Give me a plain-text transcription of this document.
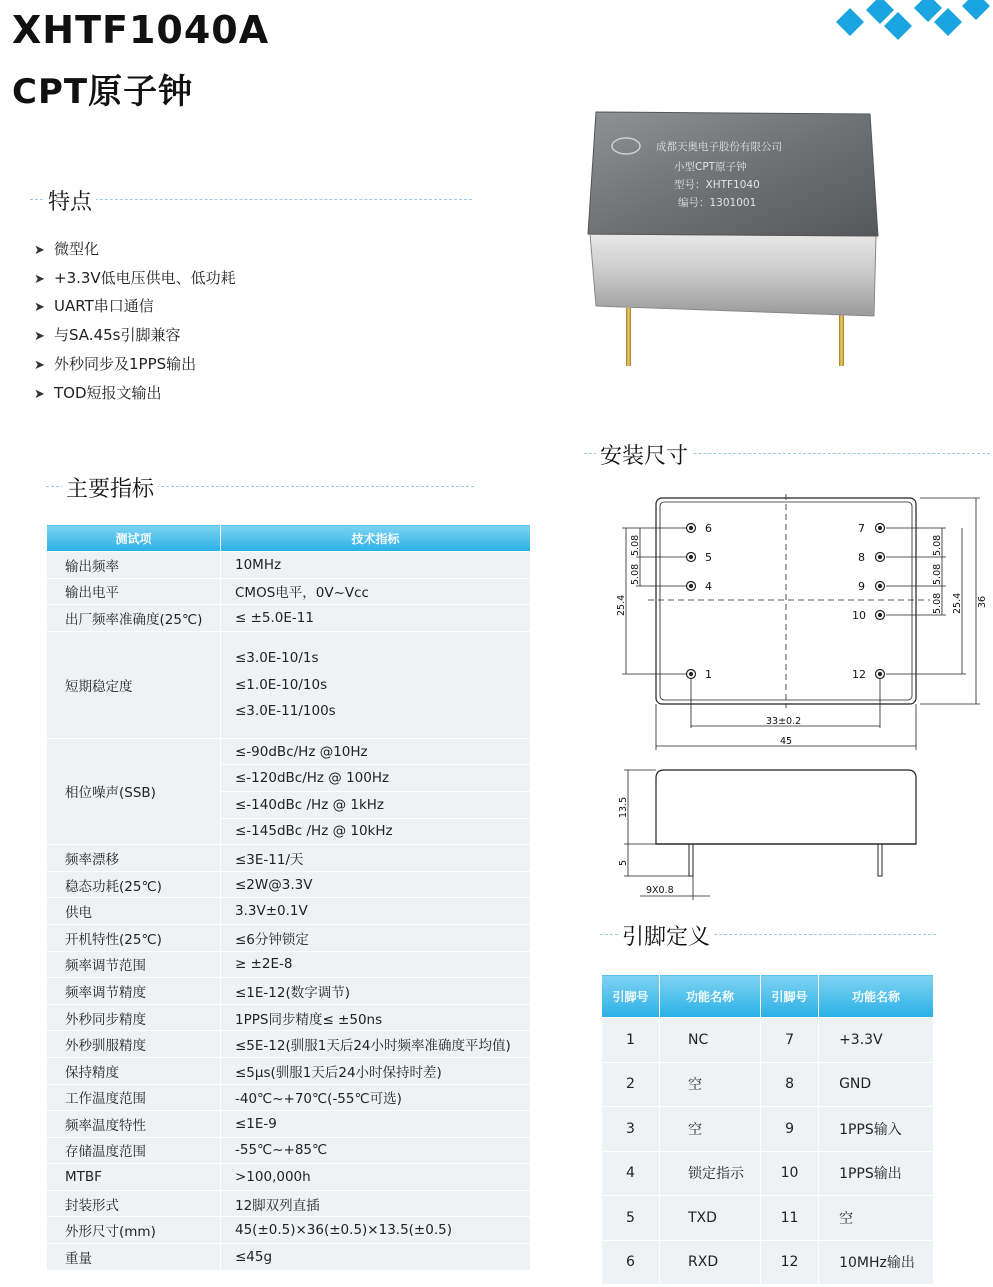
XHTF1040A
CPT原子钟
特点
➤ 微型化
➤ +3.3V低电压供电、低功耗
➤ UART串口通信
➤ 与SA.45s引脚兼容
➤ 外秒同步及1PPS输出
➤ TOD短报文输出
成都天奥电子股份有限公司
小型CPT原子钟
型号：XHTF1040
编号：1301001
主要指标
测试项	技术指标
输出频率	10MHz
输出电平	CMOS电平，0V~Vcc
出厂频率准确度(25℃)	≤ ±5.0E-11
短期稳定度	≤3.0E-10/1s
≤1.0E-10/10s
≤3.0E-11/100s

相位噪声(SSB)	≤-90dBc/Hz @10Hz
	≤-120dBc/Hz @ 100Hz
	≤-140dBc /Hz @ 1kHz
	≤-145dBc /Hz @ 10kHz
频率漂移	≤3E-11/天
稳态功耗(25℃)	≤2W@3.3V
供电	3.3V±0.1V
开机特性(25℃)	≤6分钟锁定
频率调节范围	≥ ±2E-8
频率调节精度	≤1E-12(数字调节)
外秒同步精度	1PPS同步精度≤ ±50ns
外秒驯服精度	≤5E-12(驯服1天后24小时频率准确度平均值)
保持精度	≤5μs(驯服1天后24小时保持时差)
工作温度范围	-40℃~+70℃(-55℃可选)
频率温度特性	≤1E-9
存储温度范围	-55℃~+85℃
MTBF	>100,000h
封装形式	12脚双列直插
外形尺寸(mm)	45(±0.5)×36(±0.5)×13.5(±0.5)
重量	≤45g
安装尺寸
6
5
4
1
7
8
9
10
12
5.08
5.08
25.4
5.08
5.08
5.08 25.4 36
33±0.2
45
13.5
5
9X0.8
引脚定义
引脚号	功能名称	引脚号	功能名称
1	NC	7	+3.3V
2	空	8	GND
3	空	9	1PPS输入
4	锁定指示	10	1PPS输出
5	TXD	11	空
6	RXD	12	10MHz输出
